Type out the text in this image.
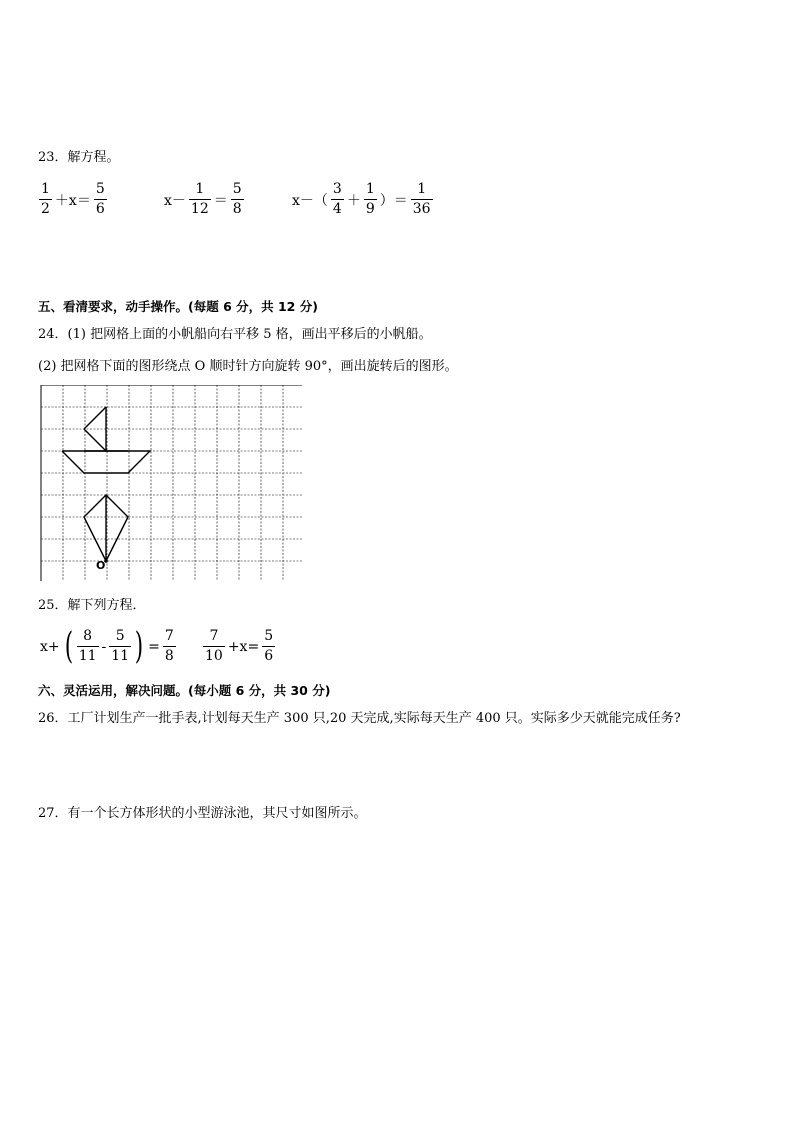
23．解方程。
$\frac{1}{2} +x= \frac{5}{6}$	$x- \frac{1}{12} = \frac{5}{8}$	$x-( \frac{3}{4} + \frac{1}{9}$ ）＝ $\frac{1}{36}$
五、看清要求，动手操作。(每题 6 分，共 12 分)
24．(1) 把网格上面的小帆船向右平移 5 格，画出平移后的小帆船。
(2) 把网格下面的图形绕点 O 顺时针方向旋转 90°，画出旋转后的图形。
O
25．解下列方程．
x+ ( $\frac{8}{11} - \frac{5}{11}$ ) = $\frac{7}{8} \frac{7}{10} +x= \frac{5}{6}$
六、灵活运用，解决问题。(每小题 6 分，共 30 分)
26．工厂计划生产一批手表,计划每天生产 300 只,20 天完成,实际每天生产 400 只。实际多少天就能完成任务?
27．有一个长方体形状的小型游泳池，其尺寸如图所示。
